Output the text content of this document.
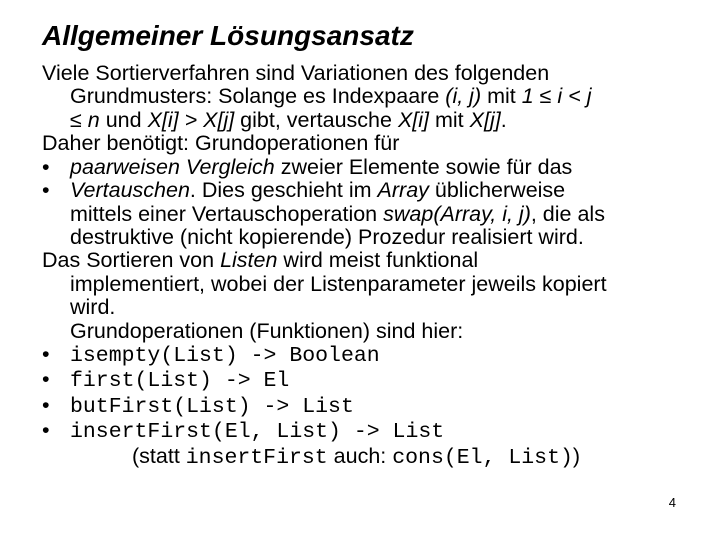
Allgemeiner Lösungsansatz

Viele Sortierverfahren sind Variationen des folgenden

Grundmusters: Solange es Indexpaare (i, j) mit 1 ≤ i < j

≤ n und X[i] > X[j] gibt, vertausche X[i] mit X[j].

Daher benötigt: Grundoperationen für

• paarweisen Vergleich zweier Elemente sowie für das

• Vertauschen. Dies geschieht im Array üblicherweise

mittels einer Vertauschoperation swap(Array, i, j), die als

destruktive (nicht kopierende) Prozedur realisiert wird.

Das Sortieren von Listen wird meist funktional

implementiert, wobei der Listenparameter jeweils kopiert

wird.

Grundoperationen (Funktionen) sind hier:

• isempty(List) -> Boolean

• first(List) -> El

• butFirst(List) -> List

• insertFirst(El, List) -> List

(statt insertFirst auch: cons(El, List))

4
